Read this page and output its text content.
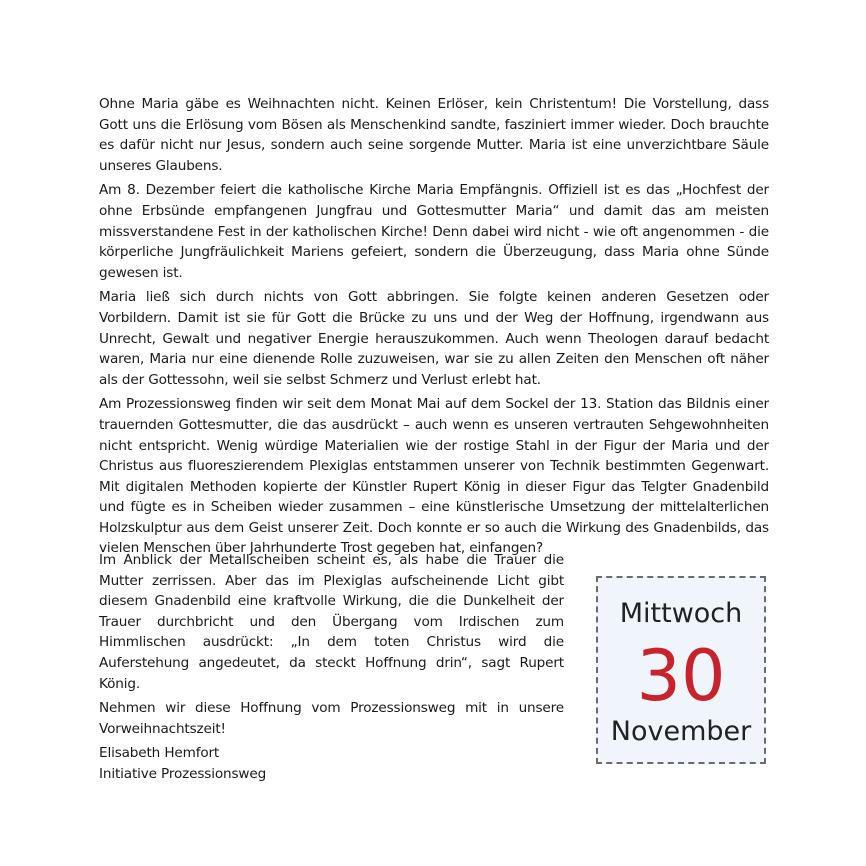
Ohne Maria gäbe es Weihnachten nicht. Keinen Erlöser, kein Christentum! Die Vorstellung, dass Gott uns die Erlösung vom Bösen als Menschenkind sandte, fasziniert immer wieder. Doch brauchte es dafür nicht nur Jesus, sondern auch seine sorgende Mutter. Maria ist eine unverzichtbare Säule unseres Glaubens.

Am 8. Dezember feiert die katholische Kirche Maria Empfängnis. Offiziell ist es das „Hochfest der ohne Erbsünde empfangenen Jungfrau und Gottesmutter Maria“ und damit das am meisten missverstandene Fest in der katholischen Kirche! Denn dabei wird nicht - wie oft angenommen - die körperliche Jungfräulichkeit Mariens gefeiert, sondern die Überzeugung, dass Maria ohne Sünde gewesen ist.

Maria ließ sich durch nichts von Gott abbringen. Sie folgte keinen anderen Gesetzen oder Vorbildern. Damit ist sie für Gott die Brücke zu uns und der Weg der Hoffnung, irgendwann aus Unrecht, Gewalt und negativer Energie herauszukommen. Auch wenn Theologen darauf bedacht waren, Maria nur eine dienende Rolle zuzuweisen, war sie zu allen Zeiten den Menschen oft näher als der Gottessohn, weil sie selbst Schmerz und Verlust erlebt hat.

Am Prozessionsweg finden wir seit dem Monat Mai auf dem Sockel der 13. Station das Bildnis einer trauernden Gottesmutter, die das ausdrückt – auch wenn es unseren vertrauten Sehgewohnheiten nicht entspricht. Wenig würdige Materialien wie der rostige Stahl in der Figur der Maria und der Christus aus fluoreszierendem Plexiglas entstammen unserer von Technik bestimmten Gegenwart. Mit digitalen Methoden kopierte der Künstler Rupert König in dieser Figur das Telgter Gnadenbild und fügte es in Scheiben wieder zusammen – eine künstlerische Umsetzung der mittelalterlichen Holzskulptur aus dem Geist unserer Zeit. Doch konnte er so auch die Wirkung des Gnadenbilds, das vielen Menschen über Jahrhunderte Trost gegeben hat, einfangen?

Im Anblick der Metallscheiben scheint es, als habe die Trauer die Mutter zerrissen. Aber das im Plexiglas aufscheinende Licht gibt diesem Gnadenbild eine kraftvolle Wirkung, die die Dunkelheit der Trauer durchbricht und den Übergang vom Irdischen zum Himmlischen ausdrückt: „In dem toten Christus wird die Auferstehung angedeutet, da steckt Hoffnung drin“, sagt Rupert König.

Nehmen wir diese Hoffnung vom Prozessionsweg mit in unsere Vorweihnachtszeit!

Elisabeth Hemfort

Initiative Prozessionsweg

Mittwoch
30
November
